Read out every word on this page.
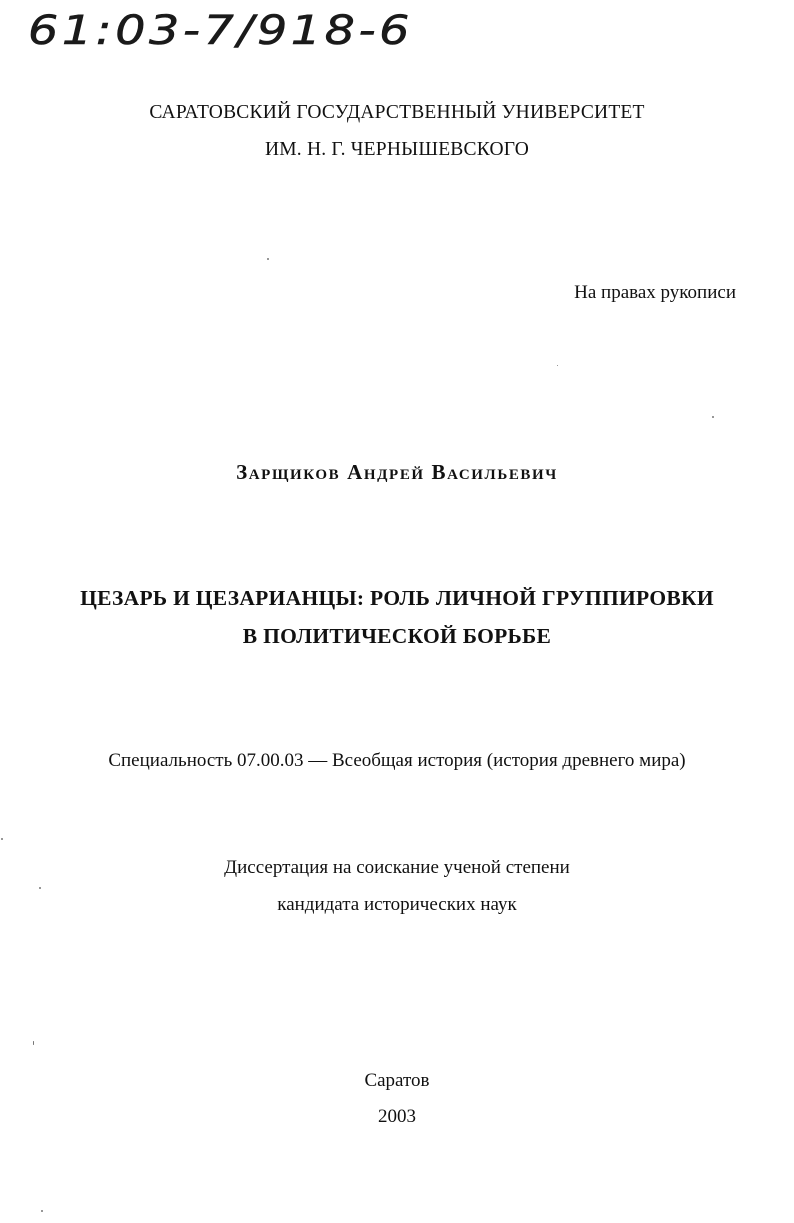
61:03-7/918-6
САРАТОВСКИЙ ГОСУДАРСТВЕННЫЙ УНИВЕРСИТЕТ
ИМ. Н. Г. ЧЕРНЫШЕВСКОГО
На правах рукописи
Зарщиков Андрей Васильевич
ЦЕЗАРЬ И ЦЕЗАРИАНЦЫ: РОЛЬ ЛИЧНОЙ ГРУППИРОВКИ
В ПОЛИТИЧЕСКОЙ БОРЬБЕ
Специальность 07.00.03 — Всеобщая история (история древнего мира)
Диссертация на соискание ученой степени
кандидата исторических наук
Саратов
2003
